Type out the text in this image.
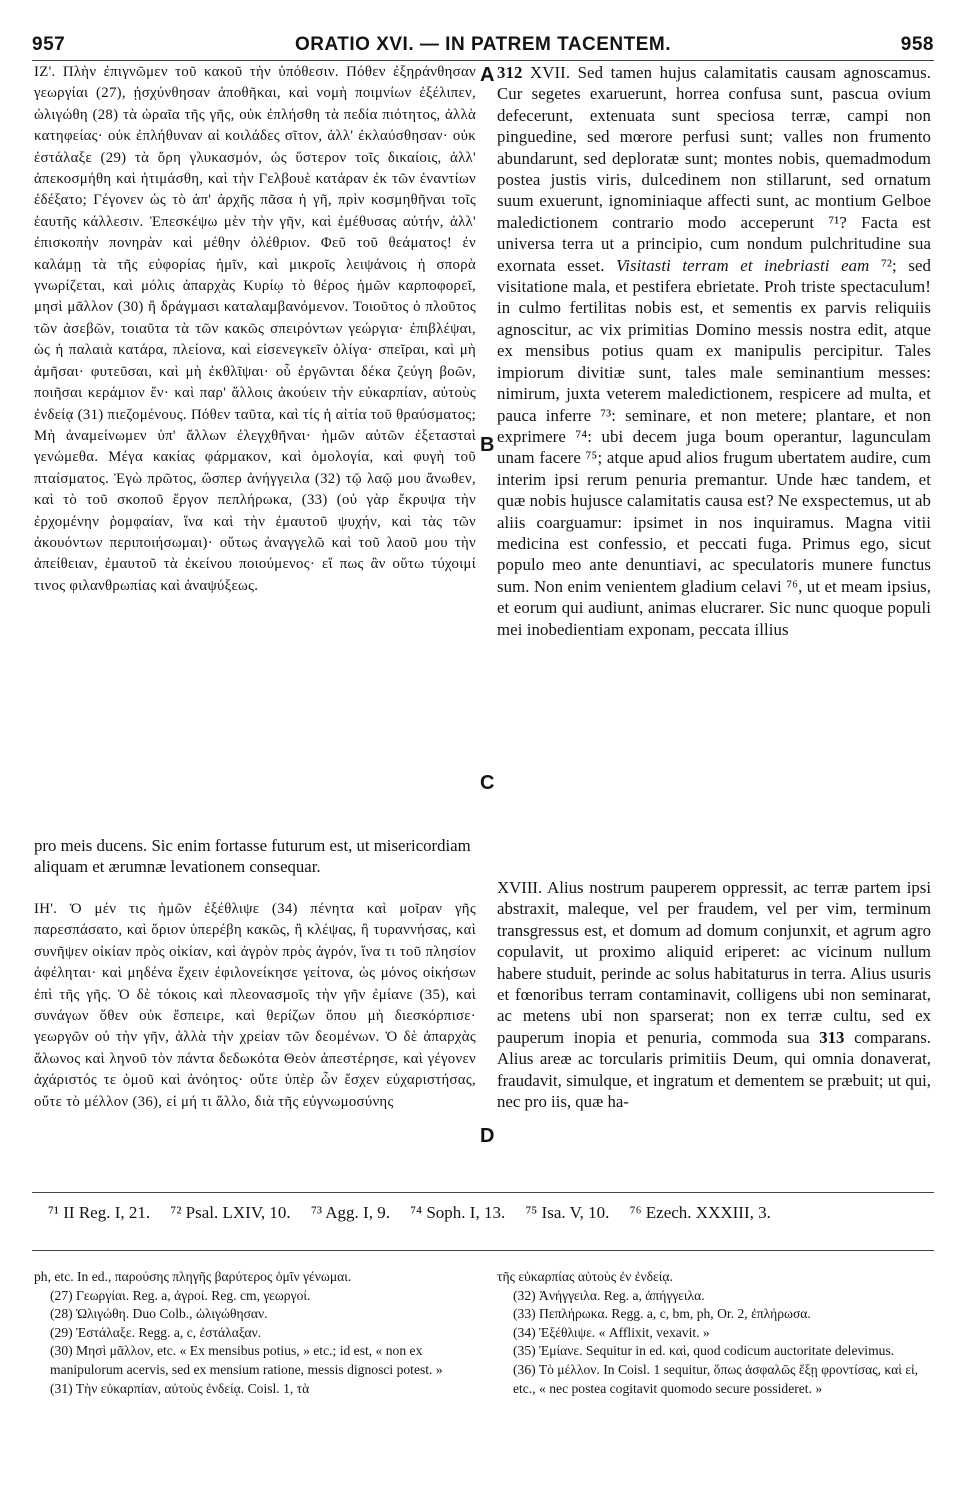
957	ORATIO XVI. — IN PATREM TACENTEM.	958

IZ'. Πλὴν ἐπιγνῶμεν τοῦ κακοῦ τὴν ὑπόθεσιν. Πόθεν ἐξηράνθησαν γεωργίαι (27), ᾐσχύνθησαν ἀποθῆκαι, καὶ νομὴ ποιμνίων ἐξέλιπεν, ὠλιγώθη (28) τὰ ὡραῖα τῆς γῆς, οὐκ ἐπλήσθη τὰ πεδία πιότητος, ἀλλὰ κατηφείας· οὐκ ἐπλήθυναν αἱ κοιλάδες σῖτον, ἀλλ' ἐκλαύσθησαν· οὐκ ἐστάλαξε (29) τὰ ὄρη γλυκασμόν, ὡς ὕστερον τοῖς δικαίοις, ἀλλ' ἀπεκοσμήθη καὶ ἠτιμάσθη, καὶ τὴν Γελβουὲ κατάραν ἐκ τῶν ἐναντίων ἐδέξατο; Γέγονεν ὡς τὸ ἀπ' ἀρχῆς πᾶσα ἡ γῆ, πρὶν κοσμηθῆναι τοῖς ἑαυτῆς κάλλεσιν. Ἐπεσκέψω μὲν τὴν γῆν, καὶ ἐμέθυσας αὐτήν, ἀλλ' ἐπισκοπὴν πονηρὰν καὶ μέθην ὀλέθριον. Φεῦ τοῦ θεάματος! ἐν καλάμῃ τὰ τῆς εὐφορίας ἡμῖν, καὶ μικροῖς λειψάνοις ἡ σπορὰ γνωρίζεται, καὶ μόλις ἀπαρχὰς Κυρίῳ τὸ θέρος ἡμῶν καρποφορεῖ, μησὶ μᾶλλον (30) ἢ δράγμασι καταλαμβανόμενον. Τοιοῦτος ὁ πλοῦτος τῶν ἀσεβῶν, τοιαῦτα τὰ τῶν κακῶς σπειρόντων γεώργια· ἐπιβλέψαι, ὡς ἡ παλαιὰ κατάρα, πλείονα, καὶ εἰσενεγκεῖν ὀλίγα· σπεῖραι, καὶ μὴ ἀμῆσαι· φυτεῦσαι, καὶ μὴ ἐκθλῖψαι· οὗ ἐργῶνται δέκα ζεύγη βοῶν, ποιῆσαι κεράμιον ἕν· καὶ παρ' ἄλλοις ἀκούειν τὴν εὐκαρπίαν, αὐτοὺς ἐνδείᾳ (31) πιεζομένους. Πόθεν ταῦτα, καὶ τίς ἡ αἰτία τοῦ θραύσματος; Μὴ ἀναμείνωμεν ὑπ' ἄλλων ἐλεγχθῆναι· ἡμῶν αὐτῶν ἐξετασταὶ γενώμεθα. Μέγα κακίας φάρμακον, καὶ ὁμολογία, καὶ φυγὴ τοῦ πταίσματος. Ἐγὼ πρῶτος, ὥσπερ ἀνήγγειλα (32) τῷ λαῷ μου ἄνωθεν, καὶ τὸ τοῦ σκοποῦ ἔργον πεπλήρωκα, (33) (οὐ γὰρ ἔκρυψα τὴν ἐρχομένην ῥομφαίαν, ἵνα καὶ τὴν ἐμαυτοῦ ψυχήν, καὶ τὰς τῶν ἀκουόντων περιποιήσωμαι)· οὕτως ἀναγγελῶ καὶ τοῦ λαοῦ μου τὴν ἀπείθειαν, ἐμαυτοῦ τὰ ἐκείνου ποιούμενος· εἴ πως ἂν οὕτω τύχοιμί τινος φιλανθρωπίας καὶ ἀναψύξεως.

312 XVII. Sed tamen hujus calamitatis causam agnoscamus. Cur segetes exaruerunt, horrea confusa sunt, pascua ovium defecerunt, extenuata sunt speciosa terræ, campi non pinguedine, sed mœrore perfusi sunt; valles non frumento abundarunt, sed deploratæ sunt; montes nobis, quemadmodum postea justis viris, dulcedinem non stillarunt, sed ornatum suum exuerunt, ignominiaque affecti sunt, ac montium Gelboe maledictionem contrario modo acceperunt ⁷¹? Facta est universa terra ut a principio, cum nondum pulchritudine sua exornata esset. Visitasti terram et inebriasti eam ⁷²; sed visitatione mala, et pestifera ebrietate. Proh triste spectaculum! in culmo fertilitas nobis est, et sementis ex parvis reliquiis agnoscitur, ac vix primitias Domino messis nostra edit, atque ex mensibus potius quam ex manipulis percipitur. Tales impiorum divitiæ sunt, tales male seminantium messes: nimirum, juxta veterem maledictionem, respicere ad multa, et pauca inferre ⁷³: seminare, et non metere; plantare, et non exprimere ⁷⁴: ubi decem juga boum operantur, lagunculam unam facere ⁷⁵; atque apud alios frugum ubertatem audire, cum interim ipsi rerum penuria premantur. Unde hæc tandem, et quæ nobis hujusce calamitatis causa est? Ne exspectemus, ut ab aliis coarguamur: ipsimet in nos inquiramus. Magna vitii medicina est confessio, et peccati fuga. Primus ego, sicut populo meo ante denuntiavi, ac speculatoris munere functus sum. Non enim venientem gladium celavi ⁷⁶, ut et meam ipsius, et eorum qui audiunt, animas elucrarer. Sic nunc quoque populi mei inobedientiam exponam, peccata illius

A
B
C
D
pro meis ducens. Sic enim fortasse futurum est, ut misericordiam aliquam et ærumnæ levationem consequar.

IH'. Ὁ μέν τις ἡμῶν ἐξέθλιψε (34) πένητα καὶ μοῖραν γῆς παρεσπάσατο, καὶ ὅριον ὑπερέβη κακῶς, ἢ κλέψας, ἢ τυραννήσας, καὶ συνῆψεν οἰκίαν πρὸς οἰκίαν, καὶ ἀγρὸν πρὸς ἀγρόν, ἵνα τι τοῦ πλησίον ἀφέληται· καὶ μηδένα ἔχειν ἐφιλονείκησε γείτονα, ὡς μόνος οἰκήσων ἐπὶ τῆς γῆς. Ὁ δὲ τόκοις καὶ πλεονασμοῖς τὴν γῆν ἐμίανε (35), καὶ συνάγων ὅθεν οὐκ ἔσπειρε, καὶ θερίζων ὅπου μὴ διεσκόρπισε· γεωργῶν οὐ τὴν γῆν, ἀλλὰ τὴν χρείαν τῶν δεομένων. Ὁ δὲ ἀπαρχὰς ἅλωνος καὶ ληνοῦ τὸν πάντα δεδωκότα Θεὸν ἀπεστέρησε, καὶ γέγονεν ἀχάριστός τε ὁμοῦ καὶ ἀνόητος· οὔτε ὑπὲρ ὧν ἔσχεν εὐχαριστήσας, οὔτε τὸ μέλλον (36), εἰ μή τι ἄλλο, διὰ τῆς εὐγνωμοσύνης

XVIII. Alius nostrum pauperem oppressit, ac terræ partem ipsi abstraxit, maleque, vel per fraudem, vel per vim, terminum transgressus est, et domum ad domum conjunxit, et agrum agro copulavit, ut proximo aliquid eriperet: ac vicinum nullum habere studuit, perinde ac solus habitaturus in terra. Alius usuris et fœnoribus terram contaminavit, colligens ubi non seminarat, ac metens ubi non sparserat; non ex terræ cultu, sed ex pauperum inopia et penuria, commoda sua 313 comparans. Alius areæ ac torcularis primitiis Deum, qui omnia donaverat, fraudavit, simulque, et ingratum et dementem se præbuit; ut qui, nec pro iis, quæ ha-

⁷¹ II Reg. I, 21. ⁷² Psal. LXIV, 10. ⁷³ Agg. I, 9. ⁷⁴ Soph. I, 13. ⁷⁵ Isa. V, 10. ⁷⁶ Ezech. XXXIII, 3.
ph, etc. In ed., παρούσης πληγῆς βαρύτερος ὁμῖν γένωμαι.
(27) Γεωργίαι. Reg. a, ἀγροί. Reg. cm, γεωργοί.
(28) Ὠλιγώθη. Duo Colb., ὠλιγώθησαν.
(29) Ἐστάλαξε. Regg. a, c, ἐστάλαξαν.
(30) Μησὶ μᾶλλον, etc. « Ex mensibus potius, » etc.; id est, « non ex manipulorum acervis, sed ex mensium ratione, messis dignosci potest. »
(31) Τὴν εὐκαρπίαν, αὐτοὺς ἐνδείᾳ. Coisl. 1, τὰ
τῆς εὐκαρπίας αὐτοὺς ἐν ἐνδείᾳ.
(32) Ἀνήγγειλα. Reg. a, ἀπήγγειλα.
(33) Πεπλήρωκα. Regg. a, c, bm, ph, Or. 2, ἐπλήρωσα.
(34) Ἐξέθλιψε. « Afflixit, vexavit. »
(35) Ἐμίανε. Sequitur in ed. καὶ, quod codicum auctoritate delevimus.
(36) Τὸ μέλλον. In Coisl. 1 sequitur, ὅπως ἀσφαλῶς ἕξῃ φροντίσας, καὶ εἰ, etc., « nec postea cogitavit quomodo secure possideret. »
